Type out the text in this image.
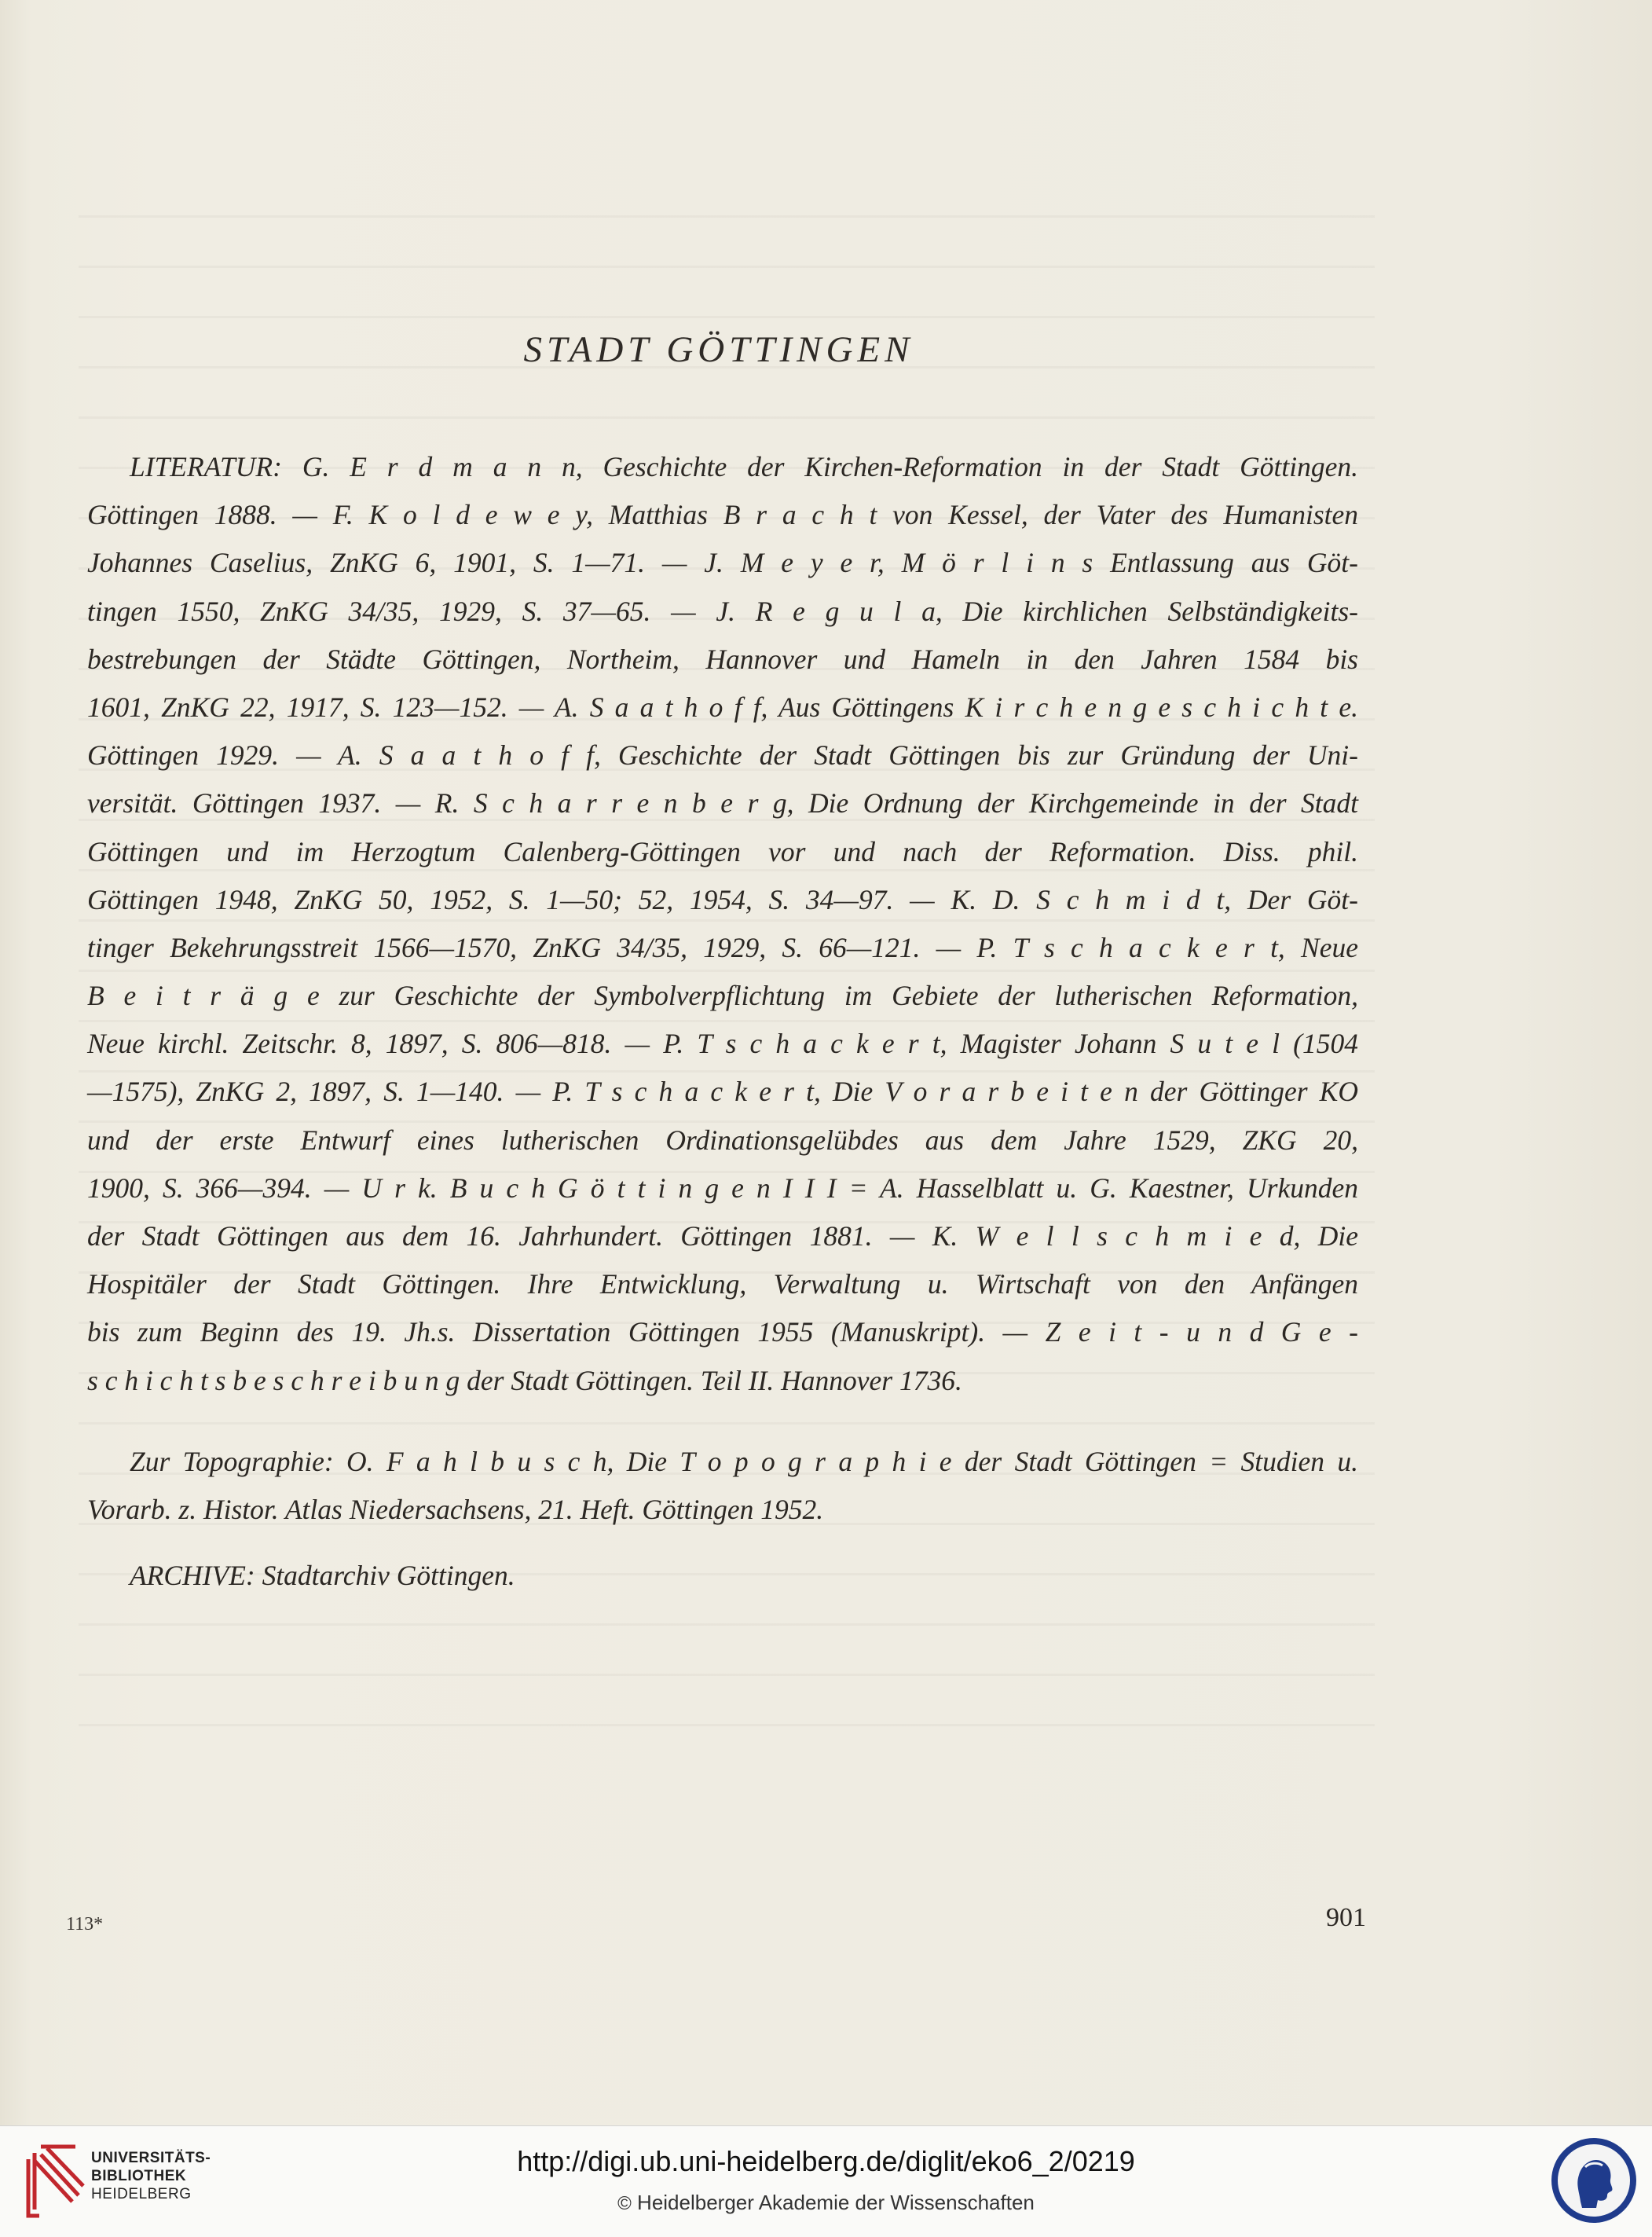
STADT GÖTTINGEN
LITERATUR: G. E r d m a n n, Geschichte der Kirchen-Reformation in der Stadt Göttingen.
Göttingen 1888. — F. K o l d e w e y, Matthias B r a c h t von Kessel, der Vater des Humanisten
Johannes Caselius, ZnKG 6, 1901, S. 1—71. — J. M e y e r, M ö r l i n s Entlassung aus Göt-
tingen 1550, ZnKG 34/35, 1929, S. 37—65. — J. R e g u l a, Die kirchlichen Selbständigkeits-
bestrebungen der Städte Göttingen, Northeim, Hannover und Hameln in den Jahren 1584 bis
1601, ZnKG 22, 1917, S. 123—152. — A. S a a t h o f f, Aus Göttingens K i r c h e n g e s c h i c h t e.
Göttingen 1929. — A. S a a t h o f f, Geschichte der Stadt Göttingen bis zur Gründung der Uni-
versität. Göttingen 1937. — R. S c h a r r e n b e r g, Die Ordnung der Kirchgemeinde in der Stadt
Göttingen und im Herzogtum Calenberg-Göttingen vor und nach der Reformation. Diss. phil.
Göttingen 1948, ZnKG 50, 1952, S. 1—50; 52, 1954, S. 34—97. — K. D. S c h m i d t, Der Göt-
tinger Bekehrungsstreit 1566—1570, ZnKG 34/35, 1929, S. 66—121. — P. T s c h a c k e r t, Neue
B e i t r ä g e zur Geschichte der Symbolverpflichtung im Gebiete der lutherischen Reformation,
Neue kirchl. Zeitschr. 8, 1897, S. 806—818. — P. T s c h a c k e r t, Magister Johann S u t e l (1504
—1575), ZnKG 2, 1897, S. 1—140. — P. T s c h a c k e r t, Die V o r a r b e i t e n der Göttinger KO
und der erste Entwurf eines lutherischen Ordinationsgelübdes aus dem Jahre 1529, ZKG 20,
1900, S. 366—394. — U r k. B u c h G ö t t i n g e n I I I = A. Hasselblatt u. G. Kaestner, Urkunden
der Stadt Göttingen aus dem 16. Jahrhundert. Göttingen 1881. — K. W e l l s c h m i e d, Die
Hospitäler der Stadt Göttingen. Ihre Entwicklung, Verwaltung u. Wirtschaft von den Anfängen
bis zum Beginn des 19. Jh.s. Dissertation Göttingen 1955 (Manuskript). — Z e i t - u n d G e -
s c h i c h t s b e s c h r e i b u n g der Stadt Göttingen. Teil II. Hannover 1736.
Zur Topographie: O. F a h l b u s c h, Die T o p o g r a p h i e der Stadt Göttingen = Studien u.
Vorarb. z. Histor. Atlas Niedersachsens, 21. Heft. Göttingen 1952.
ARCHIVE: Stadtarchiv Göttingen.
113*	901
UNIVERSITÄTS-
BIBLIOTHEK
HEIDELBERG
http://digi.ub.uni-heidelberg.de/diglit/eko6_2/0219
© Heidelberger Akademie der Wissenschaften
